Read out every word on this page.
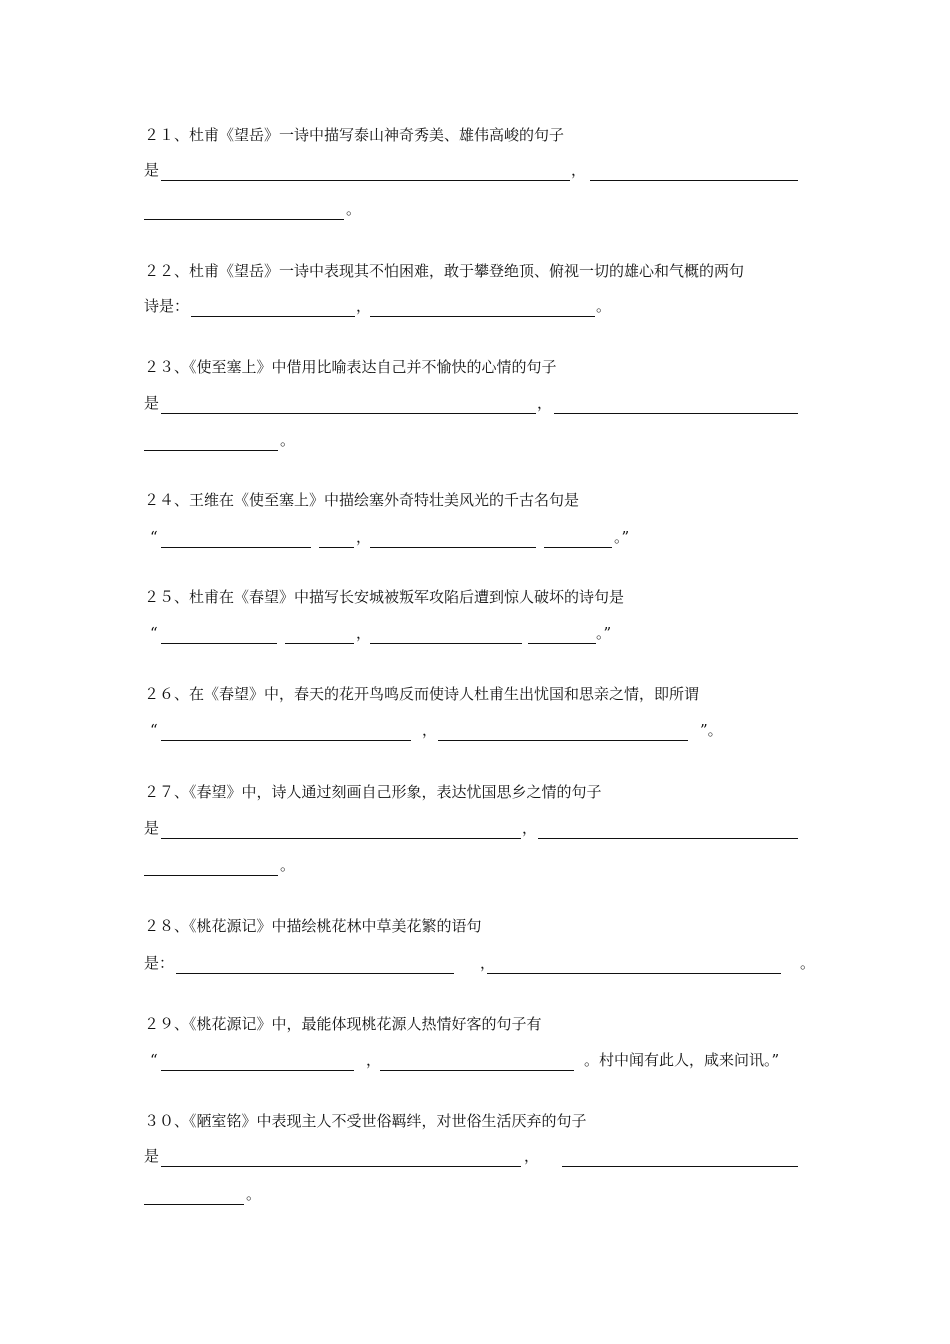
２１、杜甫《望岳》一诗中描写泰山神奇秀美、雄伟高峻的句子
是	，
。
２２、杜甫《望岳》一诗中表现其不怕困难，敢于攀登绝顶、俯视一切的雄心和气概的两句
诗是：	，	。
２３、《使至塞上》中借用比喻表达自己并不愉快的心情的句子
是	，
。
２４、王维在《使至塞上》中描绘塞外奇特壮美风光的千古名句是
“	，	。”
２５、杜甫在《春望》中描写长安城被叛军攻陷后遭到惊人破坏的诗句是
“	，	。”
２６、在《春望》中，春天的花开鸟鸣反而使诗人杜甫生出忧国和思亲之情，即所谓
“	，	”。
２７、《春望》中，诗人通过刻画自己形象，表达忧国思乡之情的句子
是	，
。
２８、《桃花源记》中描绘桃花林中草美花繁的语句
是：	，	。
２９、《桃花源记》中，最能体现桃花源人热情好客的句子有
“	，	。村中闻有此人，咸来问讯。”
３０、《陋室铭》中表现主人不受世俗羁绊，对世俗生活厌弃的句子
是	，
。
